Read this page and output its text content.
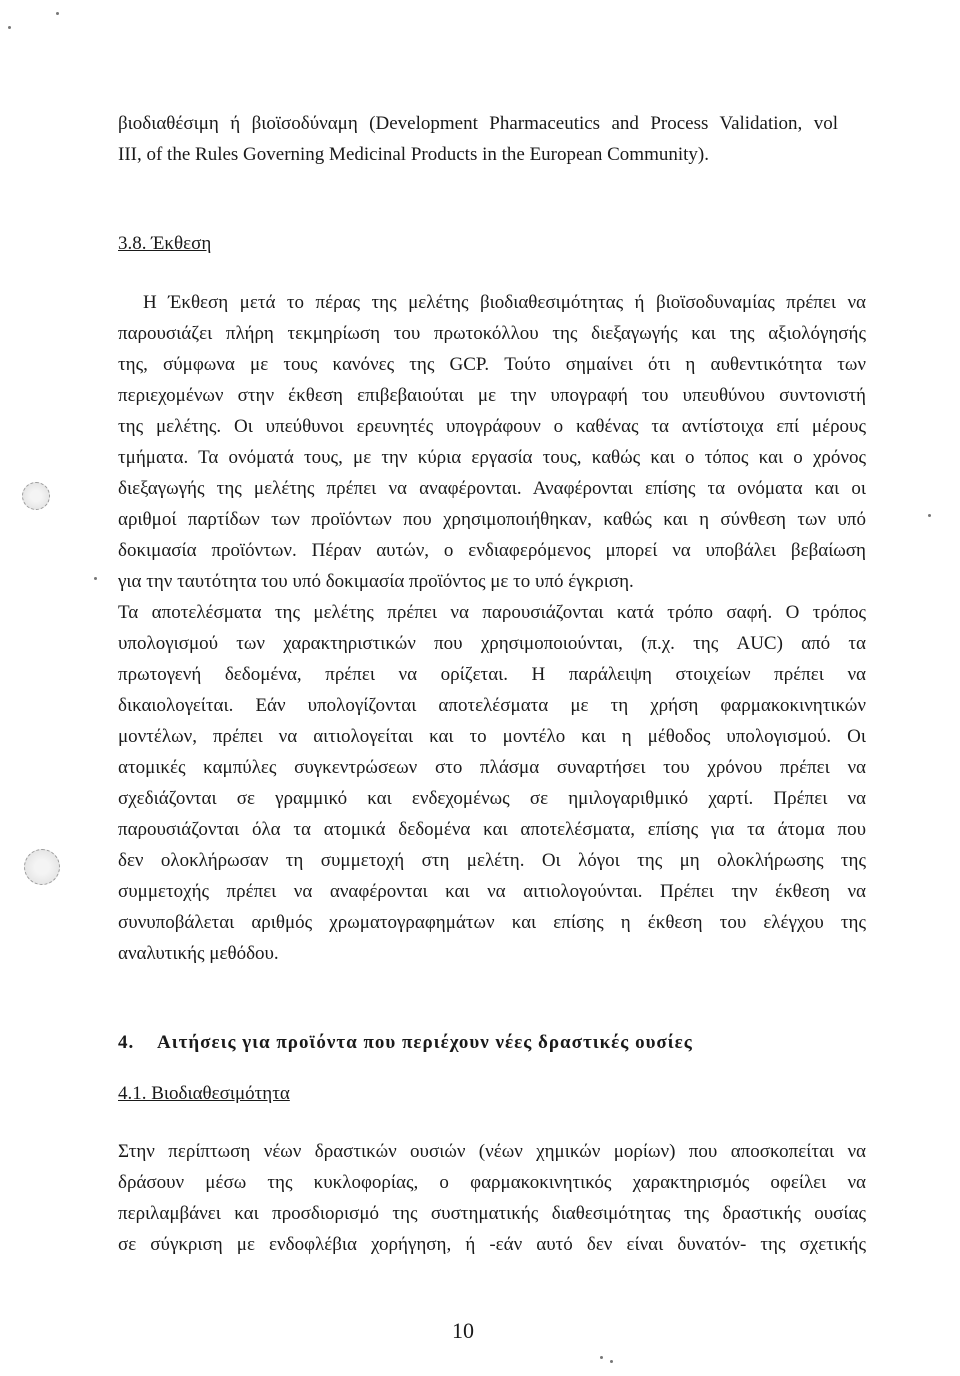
βιοδιαθέσιμη ή βιοϊσοδύναμη (Development Pharmaceutics and Process Validation, vol
III, of the Rules Governing Medicinal Products in the European Community).
3.8. Έκθεση
Η Έκθεση μετά το πέρας της μελέτης βιοδιαθεσιμότητας ή βιοϊσοδυναμίας πρέπει να
παρουσιάζει πλήρη τεκμηρίωση του πρωτοκόλλου της διεξαγωγής και της αξιολόγησής
της, σύμφωνα με τους κανόνες της GCP. Τούτο σημαίνει ότι η αυθεντικότητα των
περιεχομένων στην έκθεση επιβεβαιούται με την υπογραφή του υπευθύνου συντονιστή
της μελέτης. Οι υπεύθυνοι ερευνητές υπογράφουν ο καθένας τα αντίστοιχα επί μέρους
τμήματα. Τα ονόματά τους, με την κύρια εργασία τους, καθώς και ο τόπος και ο χρόνος
διεξαγωγής της μελέτης πρέπει να αναφέρονται. Αναφέρονται επίσης τα ονόματα και οι
αριθμοί παρτίδων των προϊόντων που χρησιμοποιήθηκαν, καθώς και η σύνθεση των υπό
δοκιμασία προϊόντων. Πέραν αυτών, ο ενδιαφερόμενος μπορεί να υποβάλει βεβαίωση
για την ταυτότητα του υπό δοκιμασία προϊόντος με το υπό έγκριση.
Τα αποτελέσματα της μελέτης πρέπει να παρουσιάζονται κατά τρόπο σαφή. Ο τρόπος
υπολογισμού των χαρακτηριστικών που χρησιμοποιούνται, (π.χ. της AUC) από τα
πρωτογενή δεδομένα, πρέπει να ορίζεται. Η παράλειψη στοιχείων πρέπει να
δικαιολογείται. Εάν υπολογίζονται αποτελέσματα με τη χρήση φαρμακοκινητικών
μοντέλων, πρέπει να αιτιολογείται και το μοντέλο και η μέθοδος υπολογισμού. Οι
ατομικές καμπύλες συγκεντρώσεων στο πλάσμα συναρτήσει του χρόνου πρέπει να
σχεδιάζονται σε γραμμικό και ενδεχομένως σε ημιλογαριθμικό χαρτί. Πρέπει να
παρουσιάζονται όλα τα ατομικά δεδομένα και αποτελέσματα, επίσης για τα άτομα που
δεν ολοκλήρωσαν τη συμμετοχή στη μελέτη. Οι λόγοι της μη ολοκλήρωσης της
συμμετοχής πρέπει να αναφέρονται και να αιτιολογούνται. Πρέπει την έκθεση να
συνυποβάλεται αριθμός χρωματογραφημάτων και επίσης η έκθεση του ελέγχου της
αναλυτικής μεθόδου.
4. Αιτήσεις για προϊόντα που περιέχουν νέες δραστικές ουσίες
4.1. Βιοδιαθεσιμότητα
Στην περίπτωση νέων δραστικών ουσιών (νέων χημικών μορίων) που αποσκοπείται να
δράσουν μέσω της κυκλοφορίας, ο φαρμακοκινητικός χαρακτηρισμός οφείλει να
περιλαμβάνει και προσδιορισμό της συστηματικής διαθεσιμότητας της δραστικής ουσίας
σε σύγκριση με ενδοφλέβια χορήγηση, ή -εάν αυτό δεν είναι δυνατόν- της σχετικής
10
